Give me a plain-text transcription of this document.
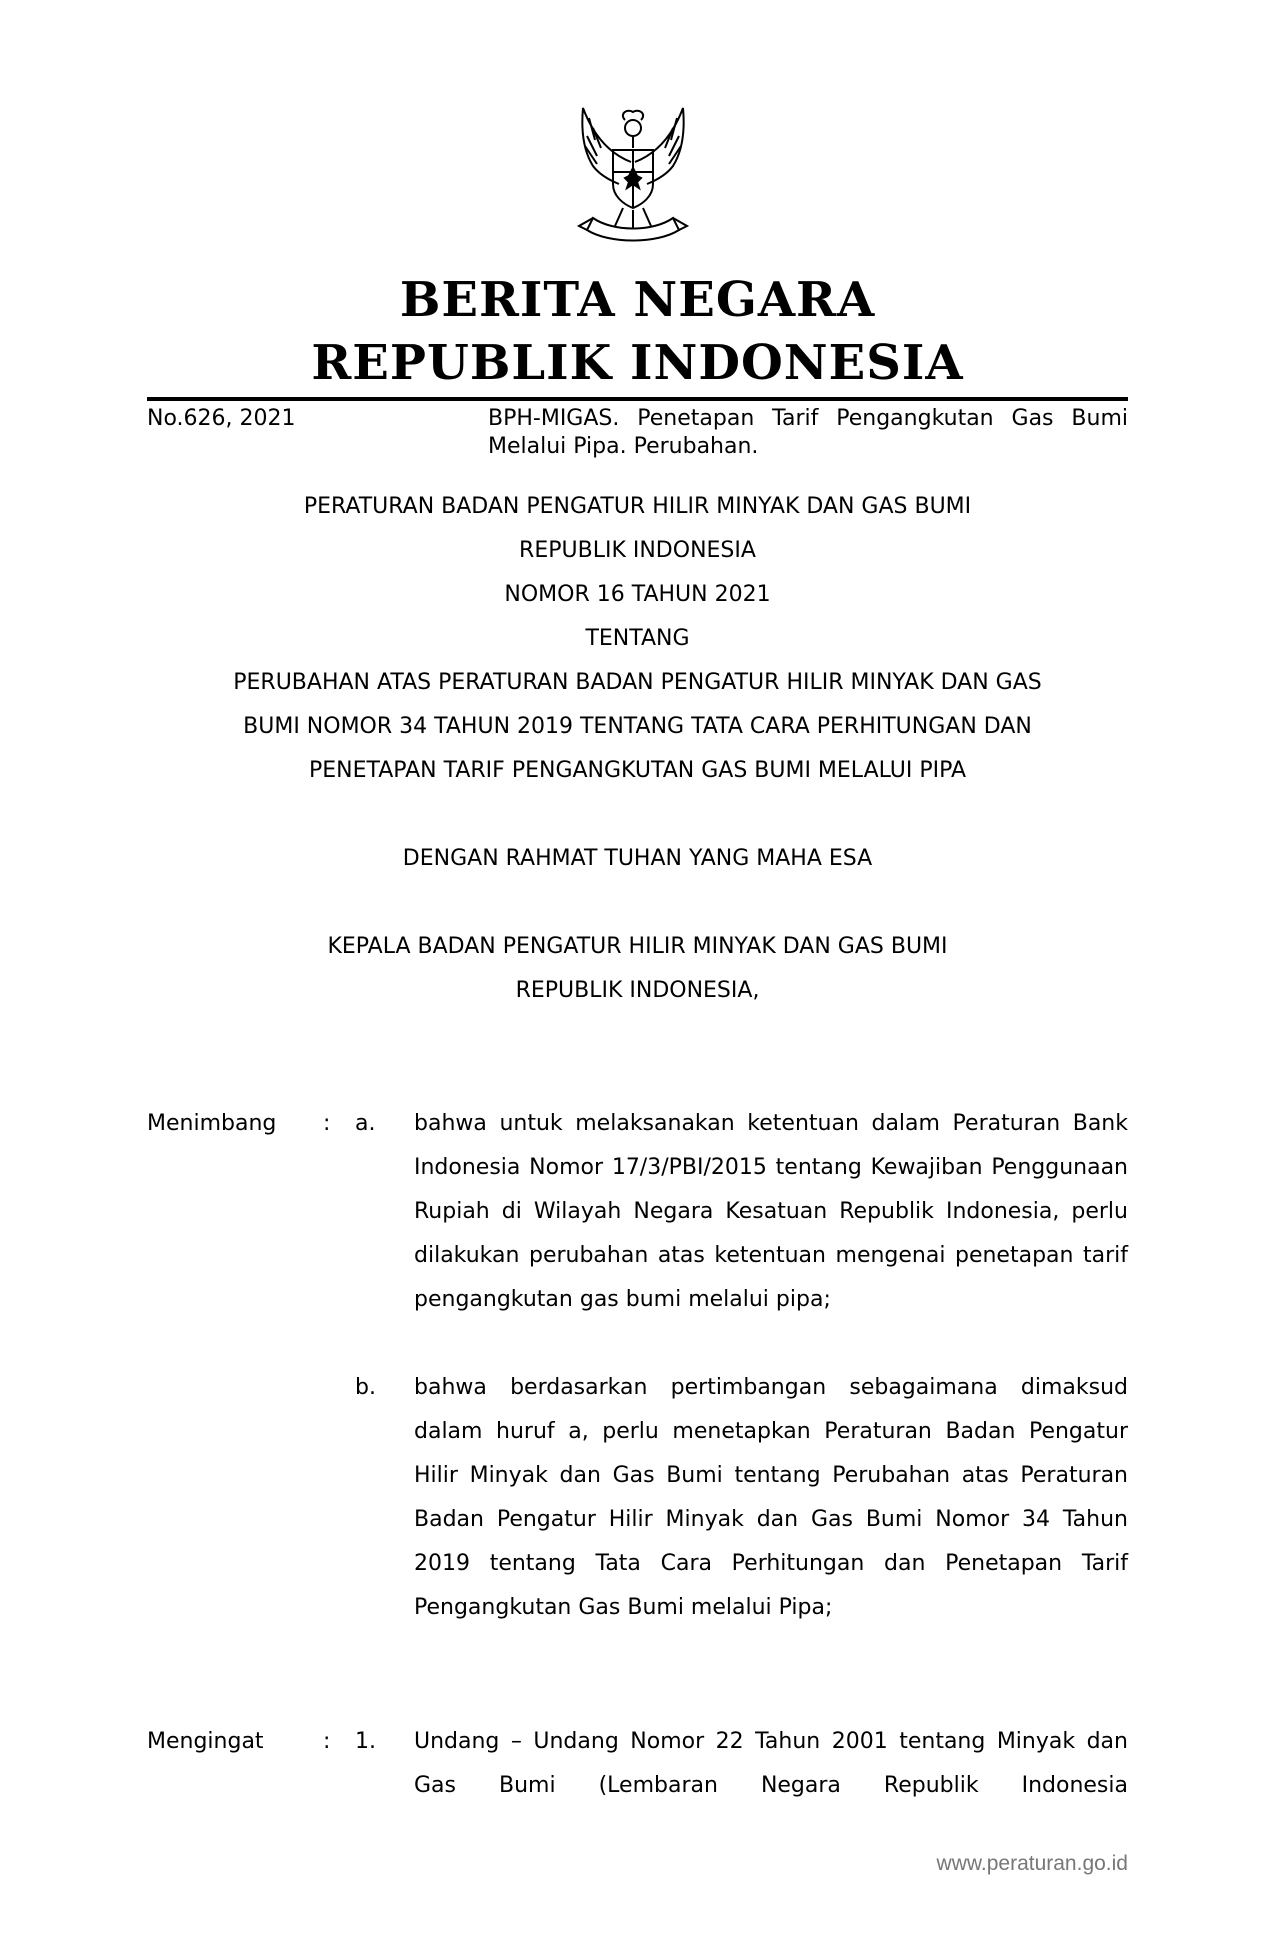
BERITA NEGARA
REPUBLIK INDONESIA
No.626, 2021	BPH-MIGAS. Penetapan Tarif Pengangkutan Gas Bumi Melalui Pipa. Perubahan.
PERATURAN BADAN PENGATUR HILIR MINYAK DAN GAS BUMI
REPUBLIK INDONESIA
NOMOR 16 TAHUN 2021
TENTANG
PERUBAHAN ATAS PERATURAN BADAN PENGATUR HILIR MINYAK DAN GAS
BUMI NOMOR 34 TAHUN 2019 TENTANG TATA CARA PERHITUNGAN DAN
PENETAPAN TARIF PENGANGKUTAN GAS BUMI MELALUI PIPA
DENGAN RAHMAT TUHAN YANG MAHA ESA
KEPALA BADAN PENGATUR HILIR MINYAK DAN GAS BUMI
REPUBLIK INDONESIA,
Menimbang : a. bahwa untuk melaksanakan ketentuan dalam Peraturan Bank Indonesia Nomor 17/3/PBI/2015 tentang Kewajiban Penggunaan Rupiah di Wilayah Negara Kesatuan Republik Indonesia, perlu dilakukan perubahan atas ketentuan mengenai penetapan tarif pengangkutan gas bumi melalui pipa;
b. bahwa berdasarkan pertimbangan sebagaimana dimaksud dalam huruf a, perlu menetapkan Peraturan Badan Pengatur Hilir Minyak dan Gas Bumi tentang Perubahan atas Peraturan Badan Pengatur Hilir Minyak dan Gas Bumi Nomor 34 Tahun 2019 tentang Tata Cara Perhitungan dan Penetapan Tarif Pengangkutan Gas Bumi melalui Pipa;
Mengingat	: 1. Undang – Undang Nomor 22 Tahun 2001 tentang Minyak dan Gas Bumi (Lembaran Negara Republik Indonesia
www.peraturan.go.id
